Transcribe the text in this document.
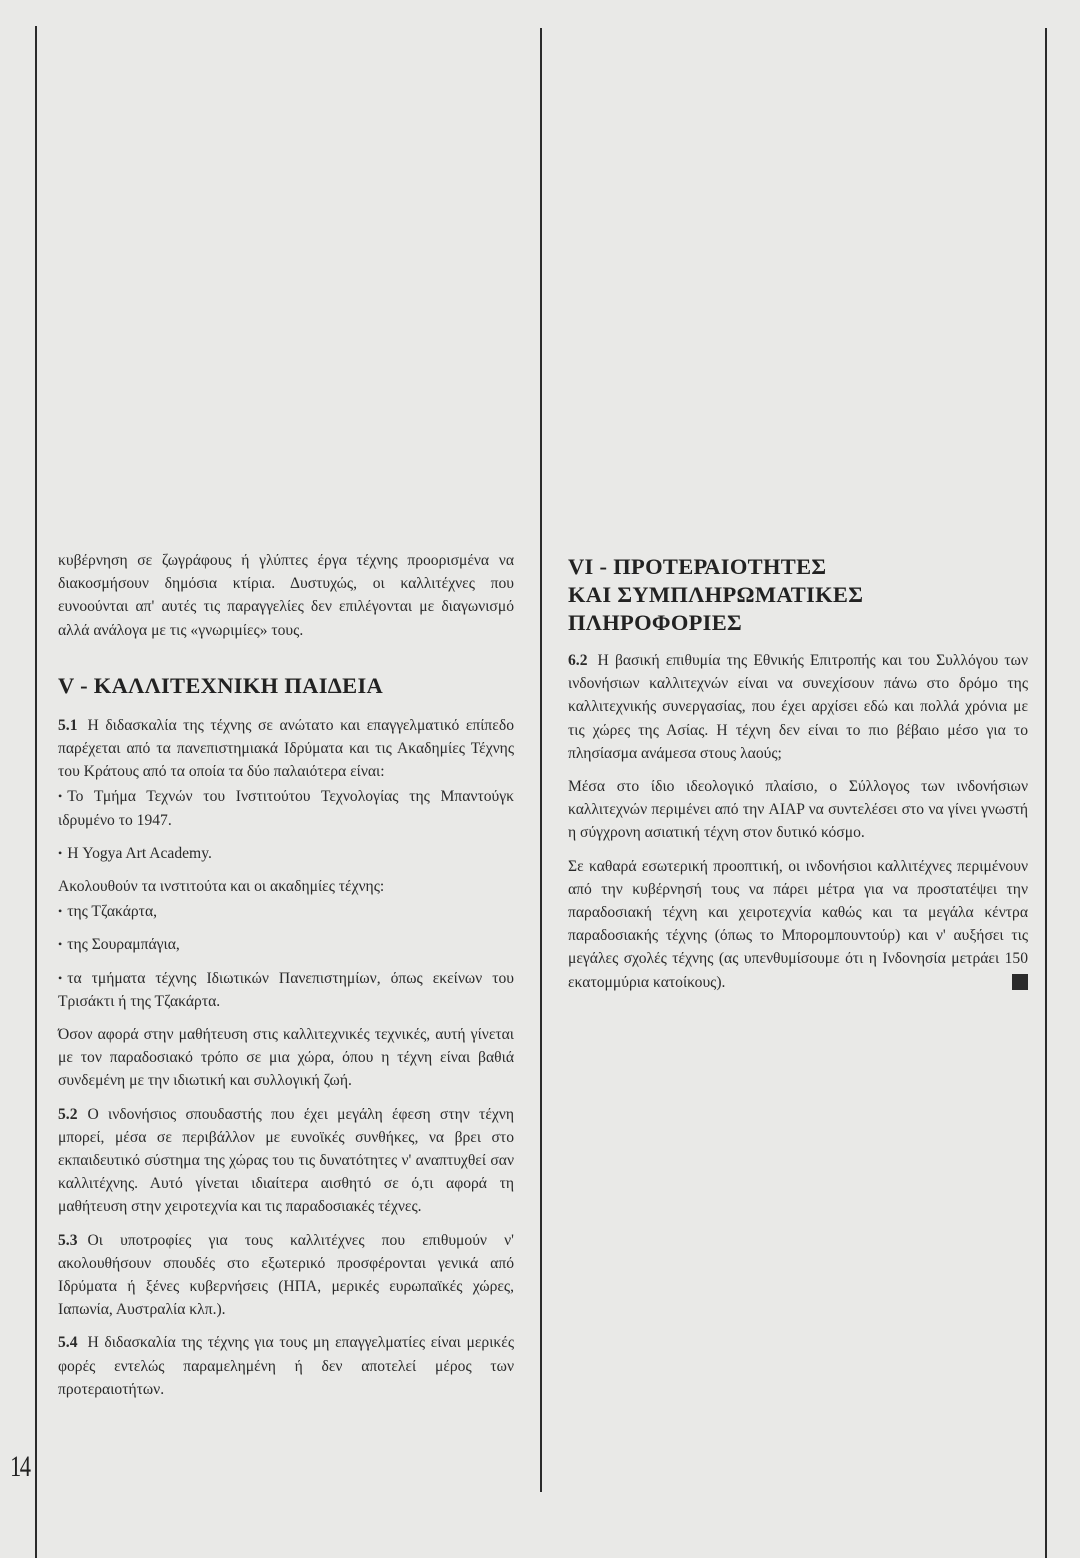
14

κυβέρνηση σε ζωγράφους ή γλύπτες έργα τέχνης προορισμένα να διακοσμήσουν δημόσια κτίρια. Δυστυχώς, οι καλλιτέχνες που ευνοούνται απ' αυτές τις παραγγελίες δεν επιλέγονται με διαγωνισμό αλλά ανάλογα με τις «γνωριμίες» τους.

V - ΚΑΛΛΙΤΕΧΝΙΚΗ ΠΑΙΔΕΙΑ

5.1 Η διδασκαλία της τέχνης σε ανώτατο και επαγγελματικό επίπεδο παρέχεται από τα πανεπιστημιακά Ιδρύματα και τις Ακαδημίες Τέχνης του Κράτους από τα οποία τα δύο παλαιότερα είναι:

• Το Τμήμα Τεχνών του Ινστιτούτου Τεχνολογίας της Μπαντούγκ ιδρυμένο το 1947.

• Η Yogya Art Academy.

Ακολουθούν τα ινστιτούτα και οι ακαδημίες τέχνης:

• της Τζακάρτα,

• της Σουραμπάγια,

• τα τμήματα τέχνης Ιδιωτικών Πανεπιστημίων, όπως εκείνων του Τρισάκτι ή της Τζακάρτα.

Όσον αφορά στην μαθήτευση στις καλλιτεχνικές τεχνικές, αυτή γίνεται με τον παραδοσιακό τρόπο σε μια χώρα, όπου η τέχνη είναι βαθιά συνδεμένη με την ιδιωτική και συλλογική ζωή.

5.2 Ο ινδονήσιος σπουδαστής που έχει μεγάλη έφεση στην τέχνη μπορεί, μέσα σε περιβάλλον με ευνοϊκές συνθήκες, να βρει στο εκπαιδευτικό σύστημα της χώρας του τις δυνατότητες ν' αναπτυχθεί σαν καλλιτέχνης. Αυτό γίνεται ιδιαίτερα αισθητό σε ό,τι αφορά τη μαθήτευση στην χειροτεχνία και τις παραδοσιακές τέχνες.

5.3 Οι υποτροφίες για τους καλλιτέχνες που επιθυμούν ν' ακολουθήσουν σπουδές στο εξωτερικό προσφέρονται γενικά από Ιδρύματα ή ξένες κυβερνήσεις (ΗΠΑ, μερικές ευρωπαϊκές χώρες, Ιαπωνία, Αυστραλία κλπ.).

5.4 Η διδασκαλία της τέχνης για τους μη επαγγελματίες είναι μερικές φορές εντελώς παραμελημένη ή δεν αποτελεί μέρος των προτεραιοτήτων.

VI - ΠΡΟΤΕΡΑΙΟΤΗΤΕΣ
ΚΑΙ ΣΥΜΠΛΗΡΩΜΑΤΙΚΕΣ
ΠΛΗΡΟΦΟΡΙΕΣ

6.2 Η βασική επιθυμία της Εθνικής Επιτροπής και του Συλλόγου των ινδονήσιων καλλιτεχνών είναι να συνεχίσουν πάνω στο δρόμο της καλλιτεχνικής συνεργασίας, που έχει αρχίσει εδώ και πολλά χρόνια με τις χώρες της Ασίας. Η τέχνη δεν είναι το πιο βέβαιο μέσο για το πλησίασμα ανάμεσα στους λαούς;

Μέσα στο ίδιο ιδεολογικό πλαίσιο, ο Σύλλογος των ινδονήσιων καλλιτεχνών περιμένει από την AIAP να συντελέσει στο να γίνει γνωστή η σύγχρονη ασιατική τέχνη στον δυτικό κόσμο.

Σε καθαρά εσωτερική προοπτική, οι ινδονήσιοι καλλιτέχνες περιμένουν από την κυβέρνησή τους να πάρει μέτρα για να προστατέψει την παραδοσιακή τέχνη και χειροτεχνία καθώς και τα μεγάλα κέντρα παραδοσιακής τέχνης (όπως το Μπορομπουντούρ) και ν' αυξήσει τις μεγάλες σχολές τέχνης (ας υπενθυμίσουμε ότι η Ινδονησία μετράει 150 εκατομμύρια κατοίκους).
